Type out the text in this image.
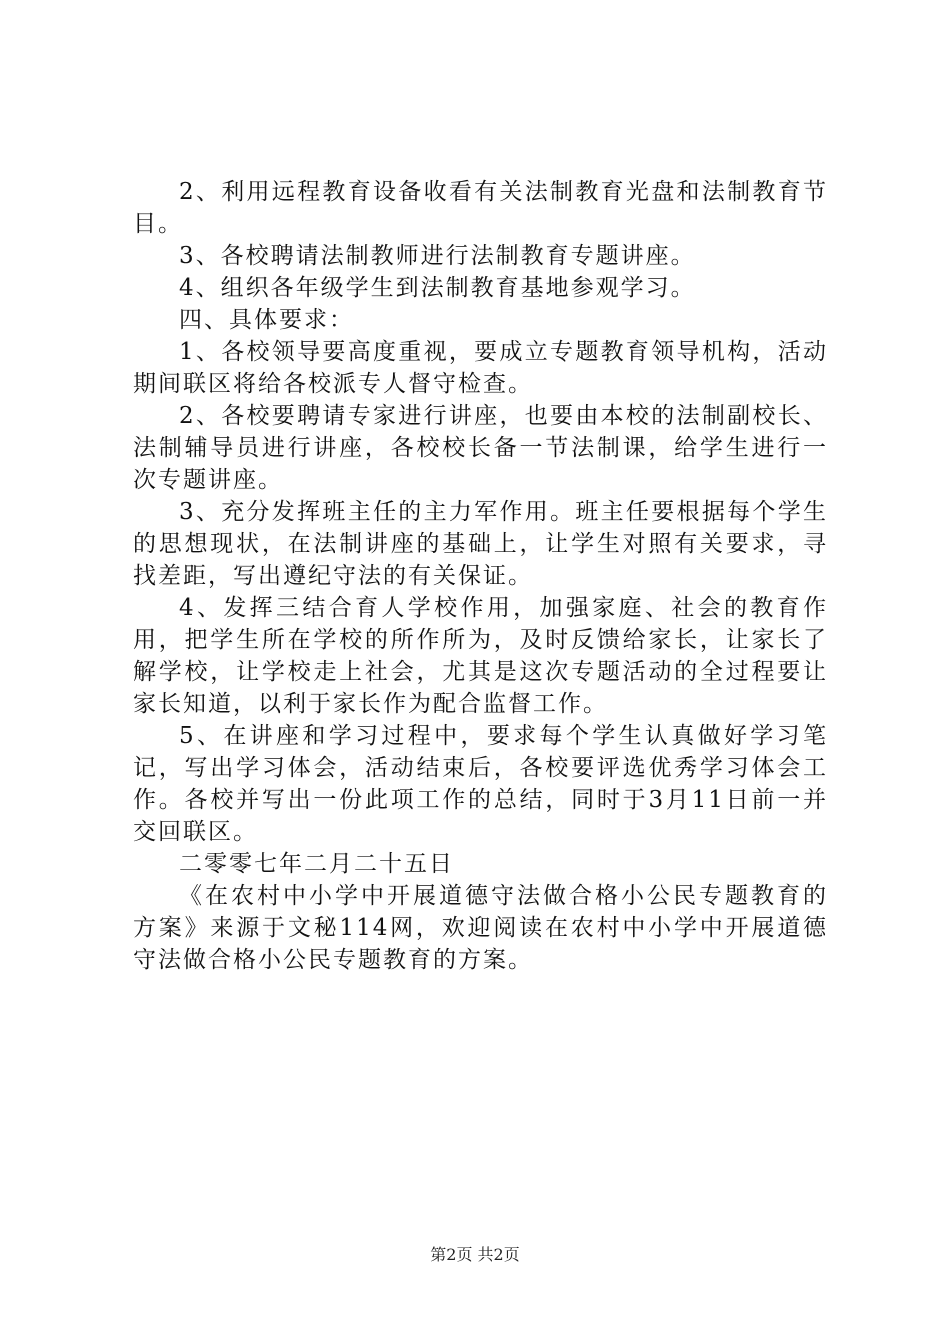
2、利用远程教育设备收看有关法制教育光盘和法制教育节目。

3、各校聘请法制教师进行法制教育专题讲座。

4、组织各年级学生到法制教育基地参观学习。

四、具体要求：

1、各校领导要高度重视，要成立专题教育领导机构，活动期间联区将给各校派专人督守检查。

2、各校要聘请专家进行讲座，也要由本校的法制副校长、法制辅导员进行讲座，各校校长备一节法制课，给学生进行一次专题讲座。

3、充分发挥班主任的主力军作用。班主任要根据每个学生的思想现状，在法制讲座的基础上，让学生对照有关要求，寻找差距，写出遵纪守法的有关保证。

4、发挥三结合育人学校作用，加强家庭、社会的教育作用，把学生所在学校的所作所为，及时反馈给家长，让家长了解学校，让学校走上社会，尤其是这次专题活动的全过程要让家长知道，以利于家长作为配合监督工作。

5、在讲座和学习过程中，要求每个学生认真做好学习笔记，写出学习体会，活动结束后，各校要评选优秀学习体会工作。各校并写出一份此项工作的总结，同时于3月11日前一并交回联区。

二零零七年二月二十五日

《在农村中小学中开展道德守法做合格小公民专题教育的方案》来源于文秘114网，欢迎阅读在农村中小学中开展道德守法做合格小公民专题教育的方案。

第2页 共2页
